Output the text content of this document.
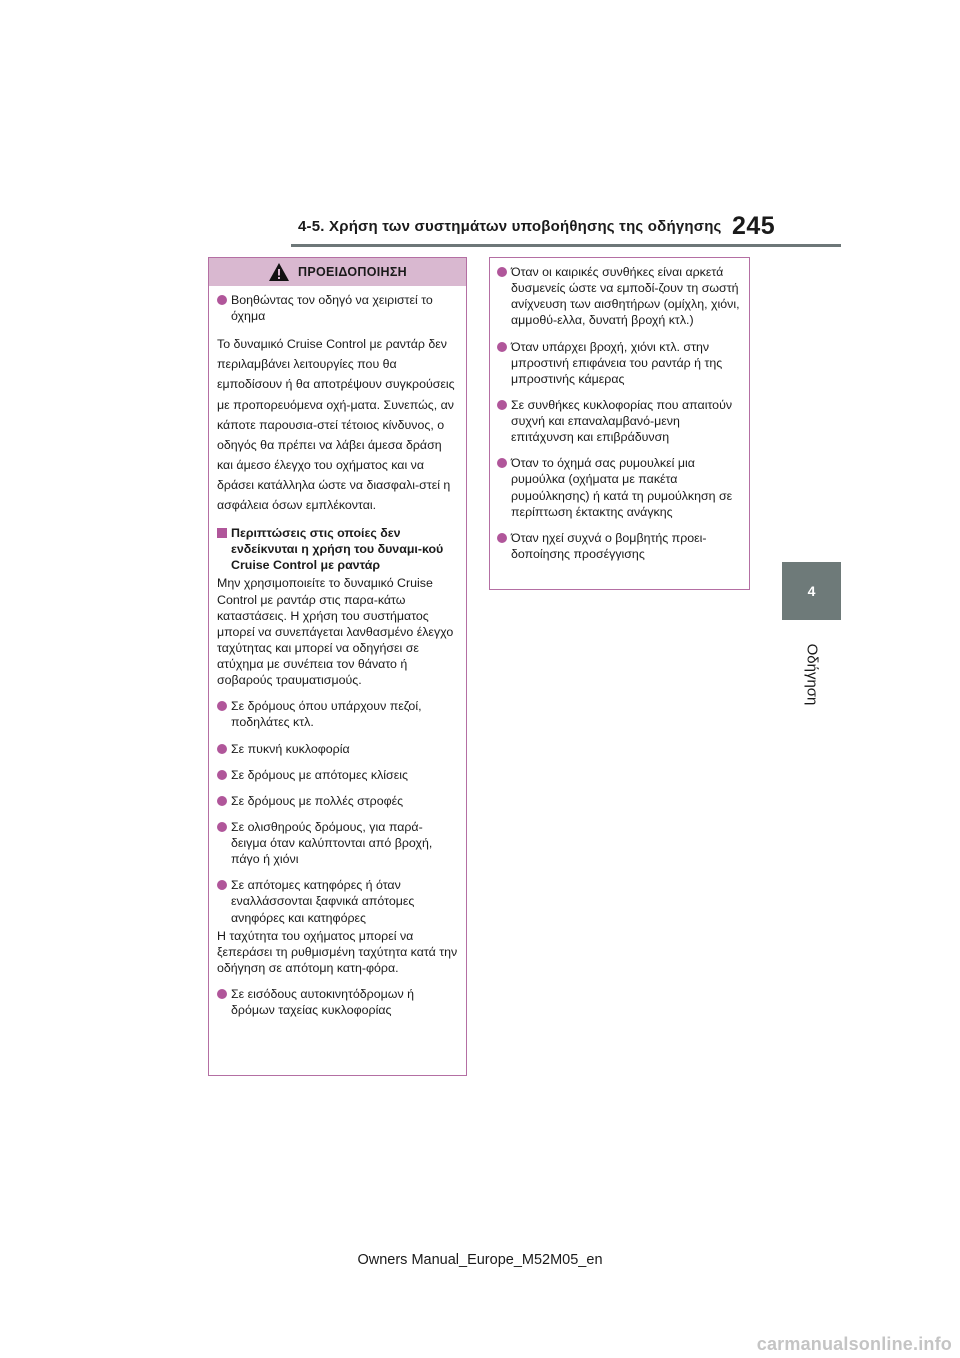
4-5. Χρήση των συστημάτων υποβοήθησης της οδήγησης 245
4
Οδήγηση
ΠΡΟΕΙΔΟΠΟΙΗΣΗ
Βοηθώντας τον οδηγό να χειριστεί το όχημα

Το δυναμικό Cruise Control με ραντάρ δεν περιλαμβάνει λειτουργίες που θα εμποδίσουν ή θα αποτρέψουν συγκρούσεις με προπορευόμενα οχή-ματα. Συνεπώς, αν κάποτε παρουσια-στεί τέτοιος κίνδυνος, ο οδηγός θα πρέπει να λάβει άμεσα δράση και άμεσο έλεγχο του οχήματος και να δράσει κατάλληλα ώστε να διασφαλι-στεί η ασφάλεια όσων εμπλέκονται.

Περιπτώσεις στις οποίες δεν ενδείκνυται η χρήση του δυναμι-κού Cruise Control με ραντάρ

Μην χρησιμοποιείτε το δυναμικό Cruise Control με ραντάρ στις παρα-κάτω καταστάσεις. Η χρήση του συστήματος μπορεί να συνεπάγεται λανθασμένο έλεγχο ταχύτητας και μπορεί να οδηγήσει σε ατύχημα με συνέπεια τον θάνατο ή σοβαρούς τραυματισμούς.

Σε δρόμους όπου υπάρχουν πεζοί, ποδηλάτες κτλ.
Σε πυκνή κυκλοφορία
Σε δρόμους με απότομες κλίσεις
Σε δρόμους με πολλές στροφές
Σε ολισθηρούς δρόμους, για παρά-δειγμα όταν καλύπτονται από βροχή, πάγο ή χιόνι
Σε απότομες κατηφόρες ή όταν εναλλάσσονται ξαφνικά απότομες ανηφόρες και κατηφόρες

Η ταχύτητα του οχήματος μπορεί να ξεπεράσει τη ρυθμισμένη ταχύτητα κατά την οδήγηση σε απότομη κατη-φόρα.

Σε εισόδους αυτοκινητόδρομων ή δρόμων ταχείας κυκλοφορίας
Όταν οι καιρικές συνθήκες είναι αρκετά δυσμενείς ώστε να εμποδί-ζουν τη σωστή ανίχνευση των αισθητήρων (ομίχλη, χιόνι, αμμοθύ-ελλα, δυνατή βροχή κτλ.)
Όταν υπάρχει βροχή, χιόνι κτλ. στην μπροστινή επιφάνεια του ραντάρ ή της μπροστινής κάμερας
Σε συνθήκες κυκλοφορίας που απαιτούν συχνή και επαναλαμβανό-μενη επιτάχυνση και επιβράδυνση
Όταν το όχημά σας ρυμουλκεί μια ρυμούλκα (οχήματα με πακέτα ρυμούλκησης) ή κατά τη ρυμούλκηση σε περίπτωση έκτακτης ανάγκης
Όταν ηχεί συχνά ο βομβητής προει-δοποίησης προσέγγισης
Owners Manual_Europe_M52M05_en
carmanualsonline.info
